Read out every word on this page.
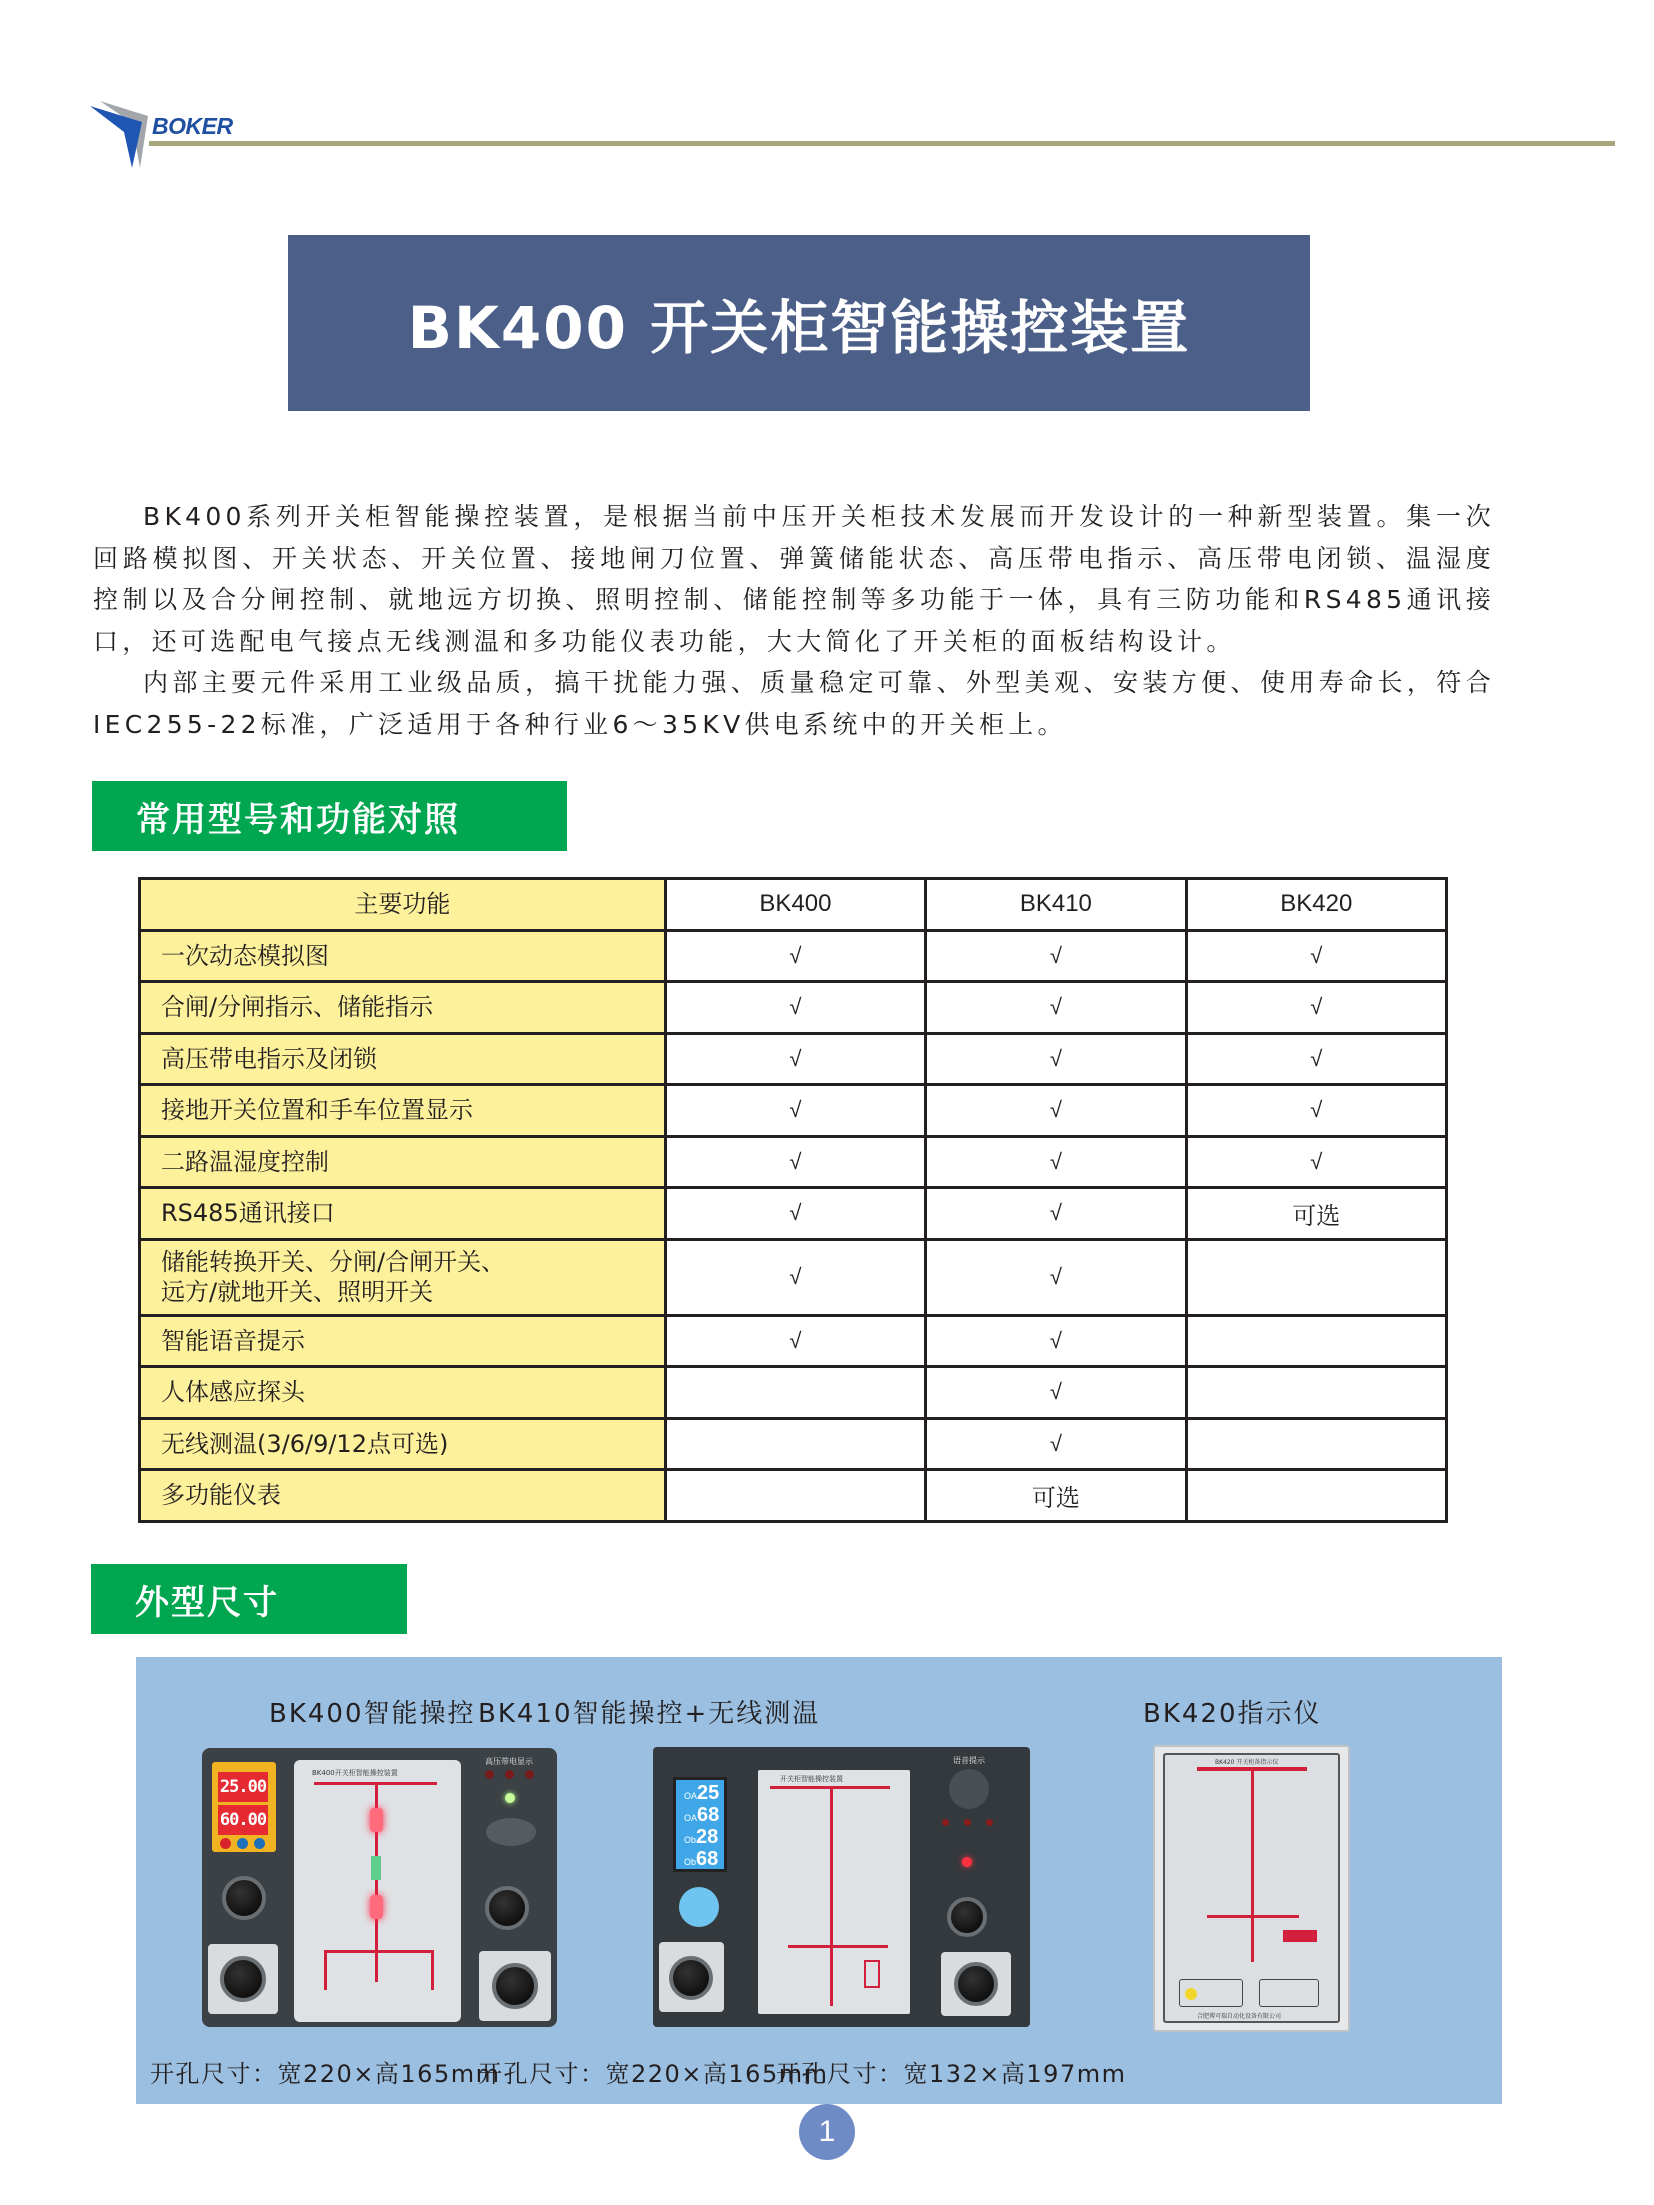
BOKER
BK400 开关柜智能操控装置

BK400系列开关柜智能操控装置，是根据当前中压开关柜技术发展而开发设计的一种新型装置。集一次回路模拟图、开关状态、开关位置、接地闸刀位置、弹簧储能状态、高压带电指示、高压带电闭锁、温湿度控制以及合分闸控制、就地远方切换、照明控制、储能控制等多功能于一体，具有三防功能和RS485通讯接口，还可选配电气接点无线测温和多功能仪表功能，大大简化了开关柜的面板结构设计。

内部主要元件采用工业级品质，搞干扰能力强、质量稳定可靠、外型美观、安装方便、使用寿命长，符合IEC255-22标准，广泛适用于各种行业6～35KV供电系统中的开关柜上。

常用型号和功能对照
主要功能	BK400	BK410	BK420
一次动态模拟图	√	√	√
合闸/分闸指示、储能指示	√	√	√
高压带电指示及闭锁	√	√	√
接地开关位置和手车位置显示	√	√	√
二路温湿度控制	√	√	√
RS485通讯接口	√	√	可选

储能转换开关、分闸/合闸开关、
远方/就地开关、照明开关	√	√	
智能语音提示	√	√	
人体感应探头		√	
无线测温(3/6/9/12点可选)		√	
多功能仪表		可选	
外型尺寸
BK400智能操控
25.00
60.00
BK400开关柜智能操控装置
高压带电显示
开孔尺寸：宽220×高165mm
BK410智能操控+无线测温
OA 25
OA 68
Ob 28
Ob 68
开关柜智能操控装置
语音提示
开孔尺寸：宽220×高165mm
BK420指示仪
BK420 开关柜备指示仪
合肥博可瑞自动化设备有限公司
开孔尺寸：宽132×高197mm
1
